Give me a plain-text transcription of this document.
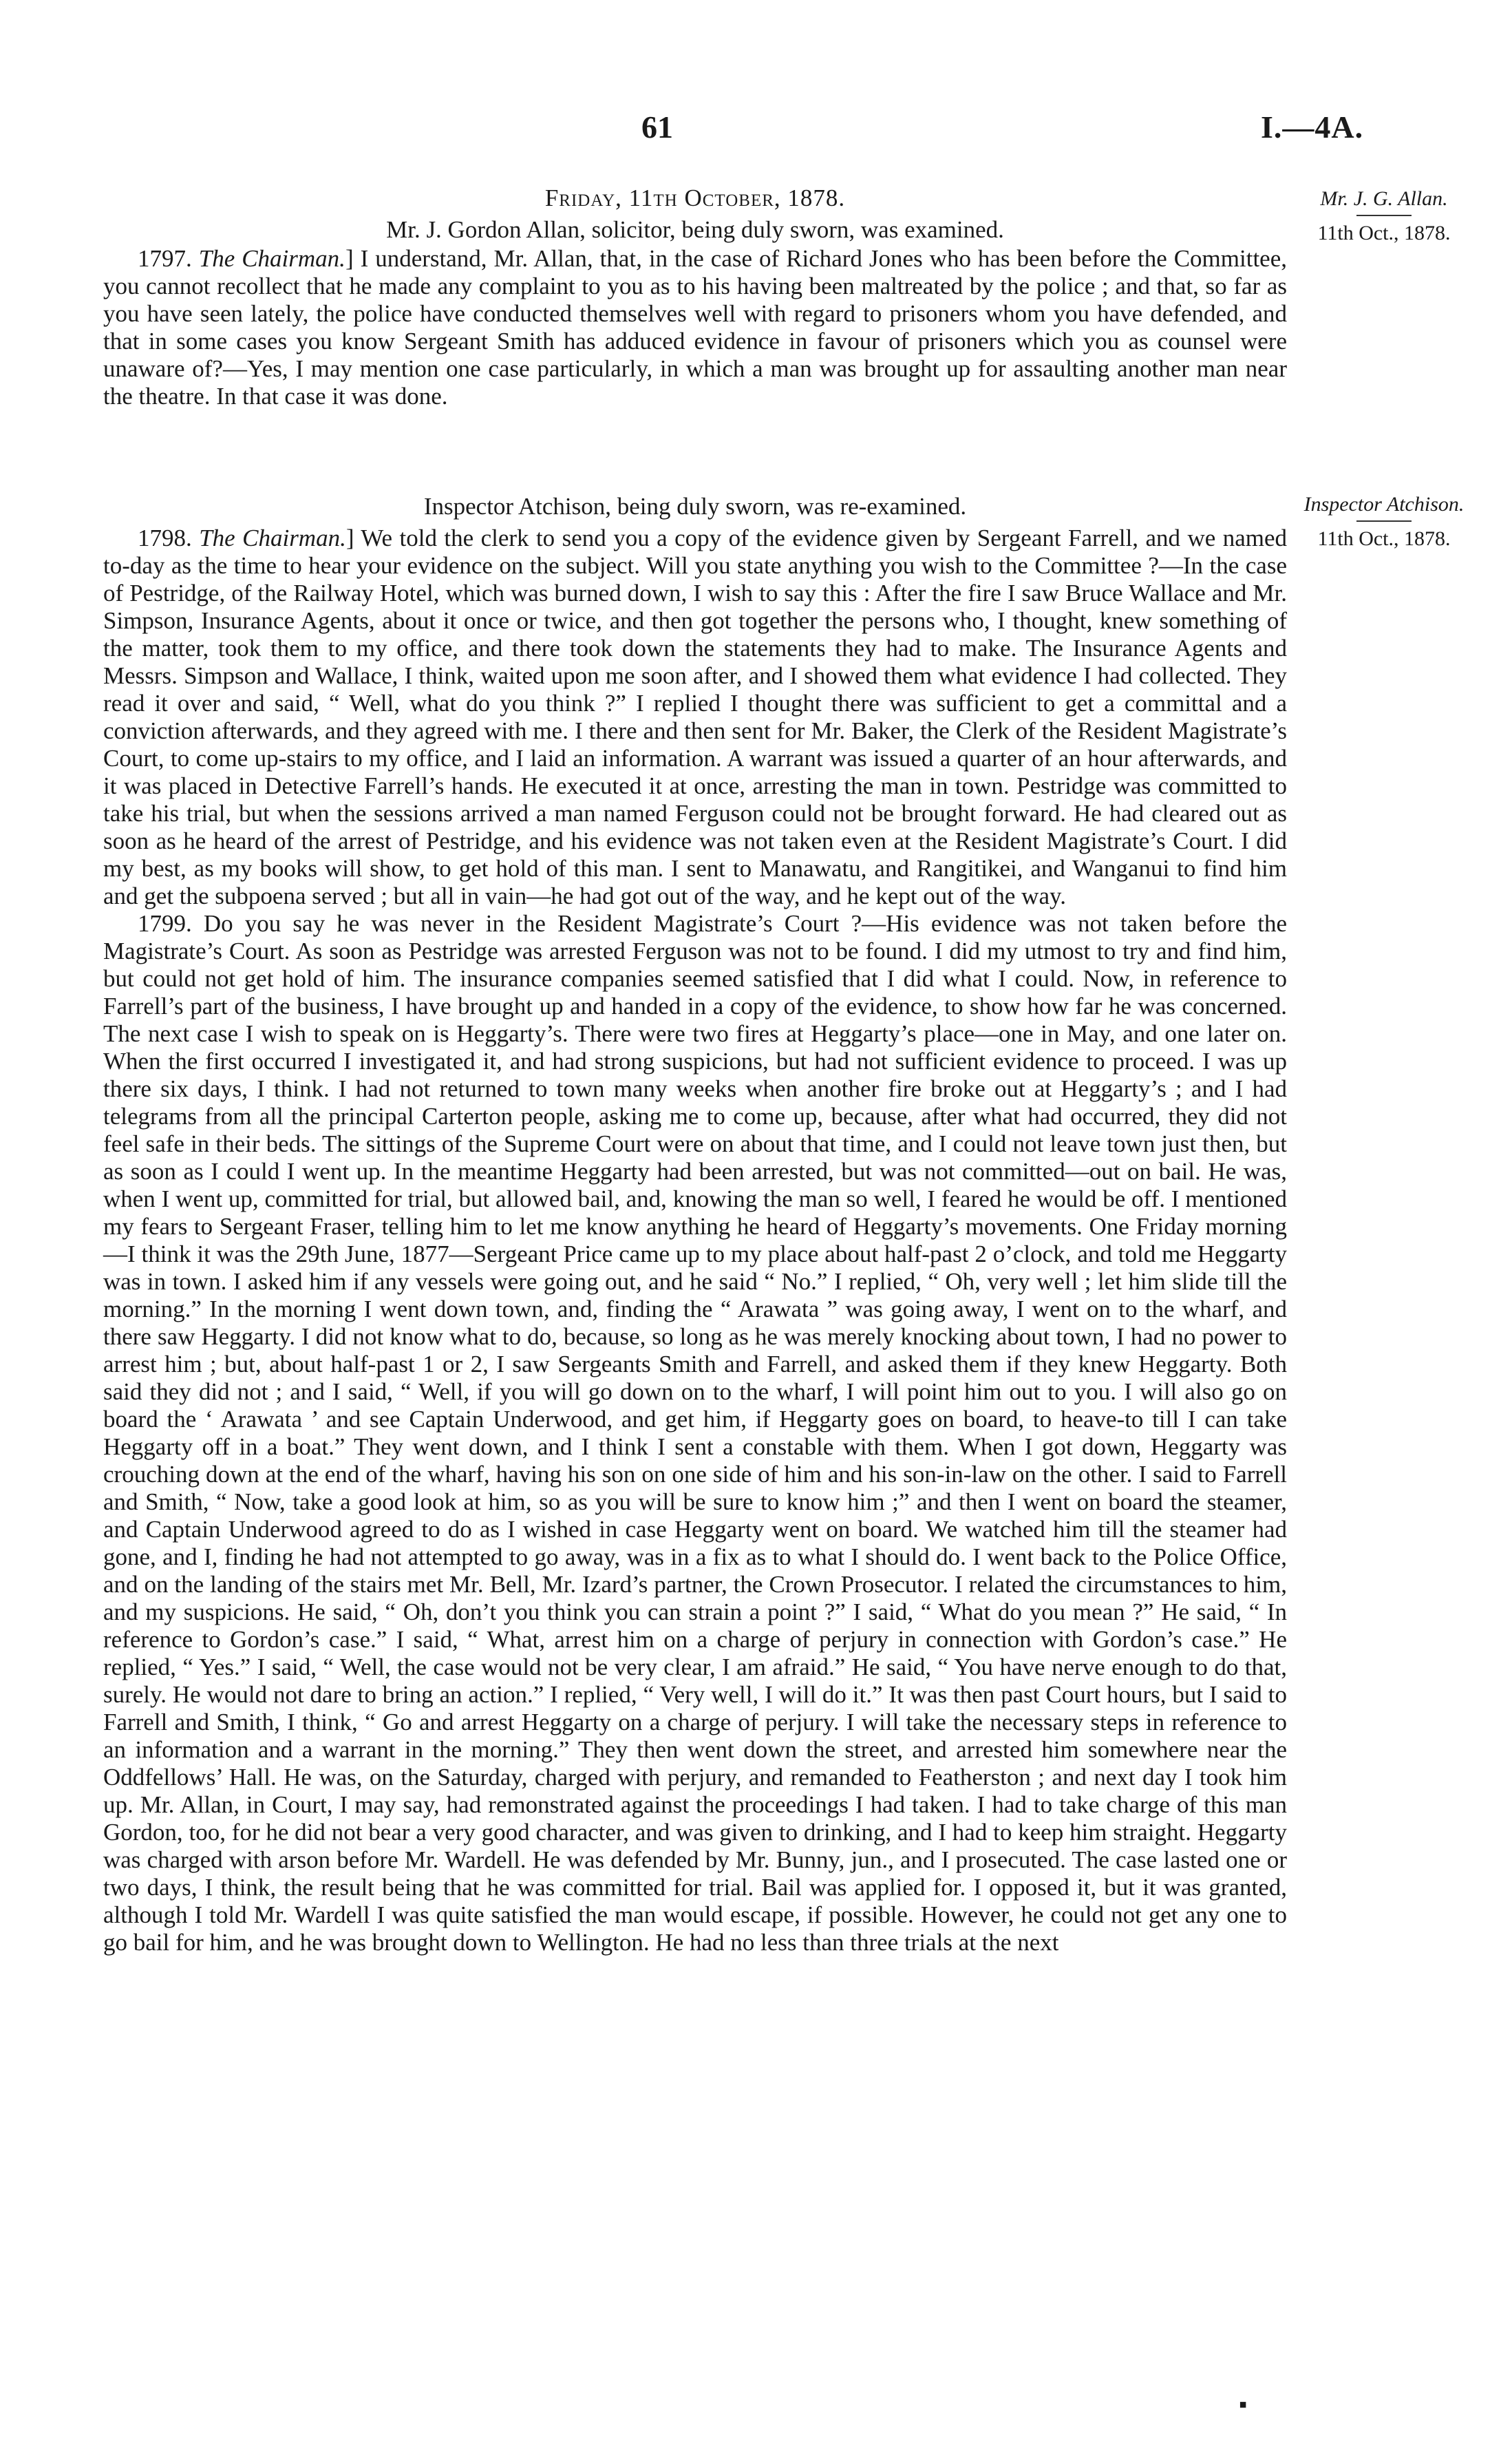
61	I.—4A.
Friday, 11th October, 1878.
Mr. J. Gordon Allan, solicitor, being duly sworn, was examined.
Mr. J. G. Allan.
11th Oct., 1878.

1797. The Chairman.] I understand, Mr. Allan, that, in the case of Richard Jones who has been before the Committee, you cannot recollect that he made any complaint to you as to his having been maltreated by the police ; and that, so far as you have seen lately, the police have conducted themselves well with regard to prisoners whom you have defended, and that in some cases you know Sergeant Smith has adduced evidence in favour of prisoners which you as counsel were unaware of?—Yes, I may mention one case particularly, in which a man was brought up for assaulting another man near the theatre. In that case it was done.

Inspector Atchison, being duly sworn, was re-examined.	Inspector Atchison.
11th Oct., 1878.

1798. The Chairman.] We told the clerk to send you a copy of the evidence given by Sergeant Farrell, and we named to-day as the time to hear your evidence on the subject. Will you state anything you wish to the Committee ?—In the case of Pestridge, of the Railway Hotel, which was burned down, I wish to say this : After the fire I saw Bruce Wallace and Mr. Simpson, Insurance Agents, about it once or twice, and then got together the persons who, I thought, knew something of the matter, took them to my office, and there took down the statements they had to make. The Insurance Agents and Messrs. Simpson and Wallace, I think, waited upon me soon after, and I showed them what evidence I had collected. They read it over and said, “ Well, what do you think ?” I replied I thought there was sufficient to get a committal and a conviction afterwards, and they agreed with me. I there and then sent for Mr. Baker, the Clerk of the Resident Magistrate’s Court, to come up-stairs to my office, and I laid an information. A warrant was issued a quarter of an hour afterwards, and it was placed in Detective Farrell’s hands. He executed it at once, arresting the man in town. Pestridge was committed to take his trial, but when the sessions arrived a man named Ferguson could not be brought forward. He had cleared out as soon as he heard of the arrest of Pestridge, and his evidence was not taken even at the Resident Magistrate’s Court. I did my best, as my books will show, to get hold of this man. I sent to Manawatu, and Rangitikei, and Wanganui to find him and get the subpoena served ; but all in vain—he had got out of the way, and he kept out of the way.

1799. Do you say he was never in the Resident Magistrate’s Court ?—His evidence was not taken before the Magistrate’s Court. As soon as Pestridge was arrested Ferguson was not to be found. I did my utmost to try and find him, but could not get hold of him. The insurance companies seemed satisfied that I did what I could. Now, in reference to Farrell’s part of the business, I have brought up and handed in a copy of the evidence, to show how far he was concerned. The next case I wish to speak on is Heggarty’s. There were two fires at Heggarty’s place—one in May, and one later on. When the first occurred I investigated it, and had strong suspicions, but had not sufficient evidence to proceed. I was up there six days, I think. I had not returned to town many weeks when another fire broke out at Heggarty’s ; and I had telegrams from all the principal Carterton people, asking me to come up, because, after what had occurred, they did not feel safe in their beds. The sittings of the Supreme Court were on about that time, and I could not leave town just then, but as soon as I could I went up. In the meantime Heggarty had been arrested, but was not committed—out on bail. He was, when I went up, committed for trial, but allowed bail, and, knowing the man so well, I feared he would be off. I mentioned my fears to Sergeant Fraser, telling him to let me know anything he heard of Heggarty’s movements. One Friday morning—I think it was the 29th June, 1877—Sergeant Price came up to my place about half-past 2 o’clock, and told me Heggarty was in town. I asked him if any vessels were going out, and he said “ No.” I replied, “ Oh, very well ; let him slide till the morning.” In the morning I went down town, and, finding the “ Arawata ” was going away, I went on to the wharf, and there saw Heggarty. I did not know what to do, because, so long as he was merely knocking about town, I had no power to arrest him ; but, about half-past 1 or 2, I saw Sergeants Smith and Farrell, and asked them if they knew Heggarty. Both said they did not ; and I said, “ Well, if you will go down on to the wharf, I will point him out to you. I will also go on board the ‘ Arawata ’ and see Captain Underwood, and get him, if Heggarty goes on board, to heave-to till I can take Heggarty off in a boat.” They went down, and I think I sent a constable with them. When I got down, Heggarty was crouching down at the end of the wharf, having his son on one side of him and his son-in-law on the other. I said to Farrell and Smith, “ Now, take a good look at him, so as you will be sure to know him ;” and then I went on board the steamer, and Captain Underwood agreed to do as I wished in case Heggarty went on board. We watched him till the steamer had gone, and I, finding he had not attempted to go away, was in a fix as to what I should do. I went back to the Police Office, and on the landing of the stairs met Mr. Bell, Mr. Izard’s partner, the Crown Prosecutor. I related the circumstances to him, and my suspicions. He said, “ Oh, don’t you think you can strain a point ?” I said, “ What do you mean ?” He said, “ In reference to Gordon’s case.” I said, “ What, arrest him on a charge of perjury in connection with Gordon’s case.” He replied, “ Yes.” I said, “ Well, the case would not be very clear, I am afraid.” He said, “ You have nerve enough to do that, surely. He would not dare to bring an action.” I replied, “ Very well, I will do it.” It was then past Court hours, but I said to Farrell and Smith, I think, “ Go and arrest Heggarty on a charge of perjury. I will take the necessary steps in reference to an information and a warrant in the morning.” They then went down the street, and arrested him somewhere near the Oddfellows’ Hall. He was, on the Saturday, charged with perjury, and remanded to Featherston ; and next day I took him up. Mr. Allan, in Court, I may say, had remonstrated against the proceedings I had taken. I had to take charge of this man Gordon, too, for he did not bear a very good character, and was given to drinking, and I had to keep him straight. Heggarty was charged with arson before Mr. Wardell. He was defended by Mr. Bunny, jun., and I prosecuted. The case lasted one or two days, I think, the result being that he was committed for trial. Bail was applied for. I opposed it, but it was granted, although I told Mr. Wardell I was quite satisfied the man would escape, if possible. However, he could not get any one to go bail for him, and he was brought down to Wellington. He had no less than three trials at the next

▪
